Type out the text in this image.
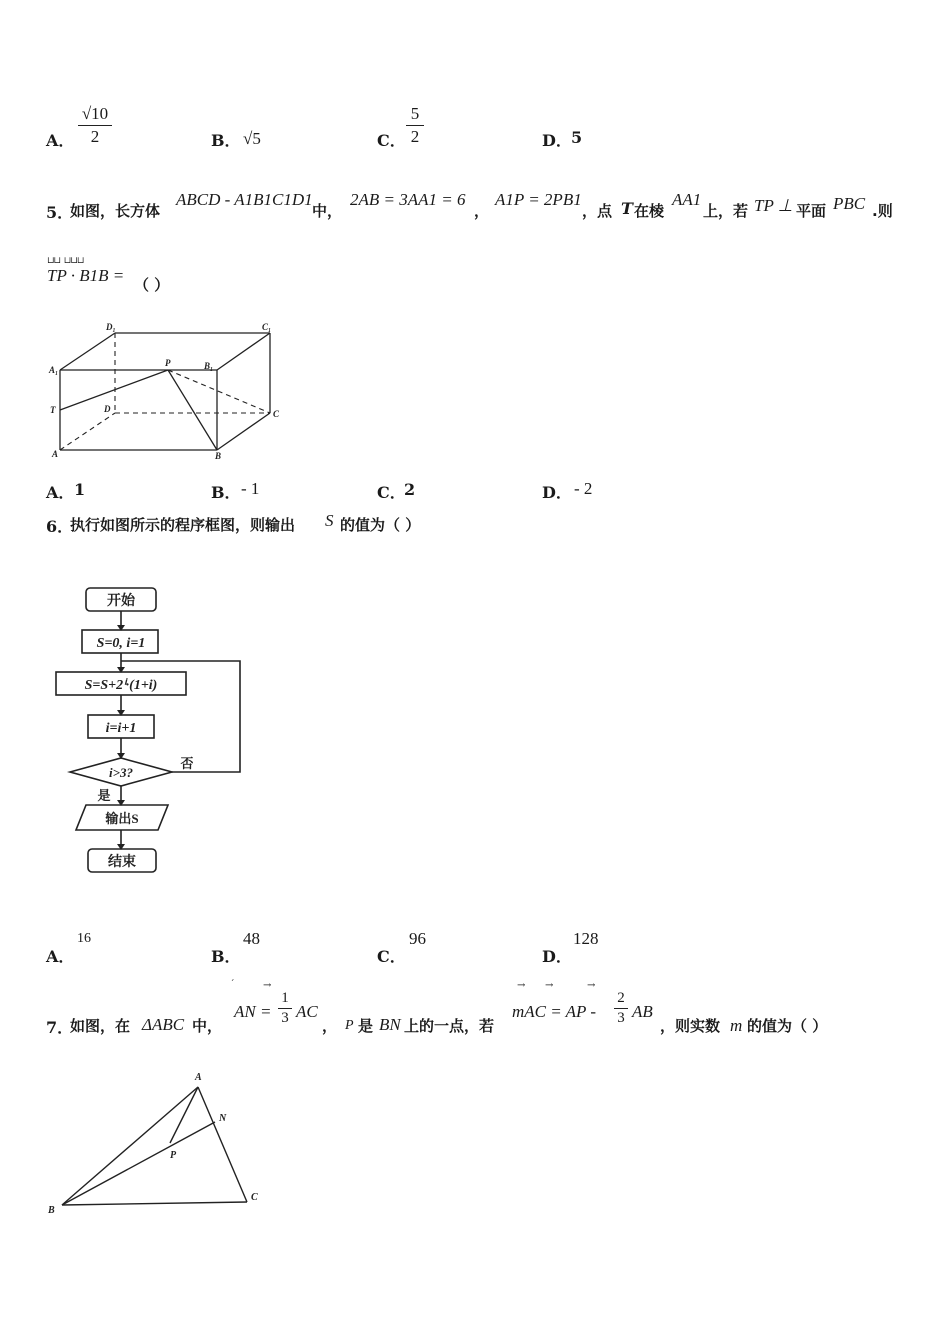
A．
√10
2	B． √5	C．
5
2	D． 5
5．
如图，长方体
ABCD - A1B1C1D1
中，
2AB = 3AA1 = 6
，
A1P = 2PB1
，点 T 在棱
AA1
上，若 TP ⊥ 平面 PBC .则
⊔⊔  ⊔⊔⊔
TP · B1B = （ ）
D₁	C₁
A₁
P	B₁
T	D	C
A	B
A． 1	B． - 1	C．
2	D． - 2
6．
执行如图所示的程序框图，则输出 S 的值为（ ）
开始
S=0, i=1
S=S+2ⁱ·(1+i)
i=i+1
i>3?
否
是
输出S
结束
A．
16
B．
48
C．
96
D．
128
7．
如图，在 ΔABC 中，
ˊ	→
AN =
1
3 AC
， P 是 BN 上的一点，若
→ →	→
mAC = AP -
2
3 AB
，则实数 m 的值为（ ）
A
N
P
B
C
